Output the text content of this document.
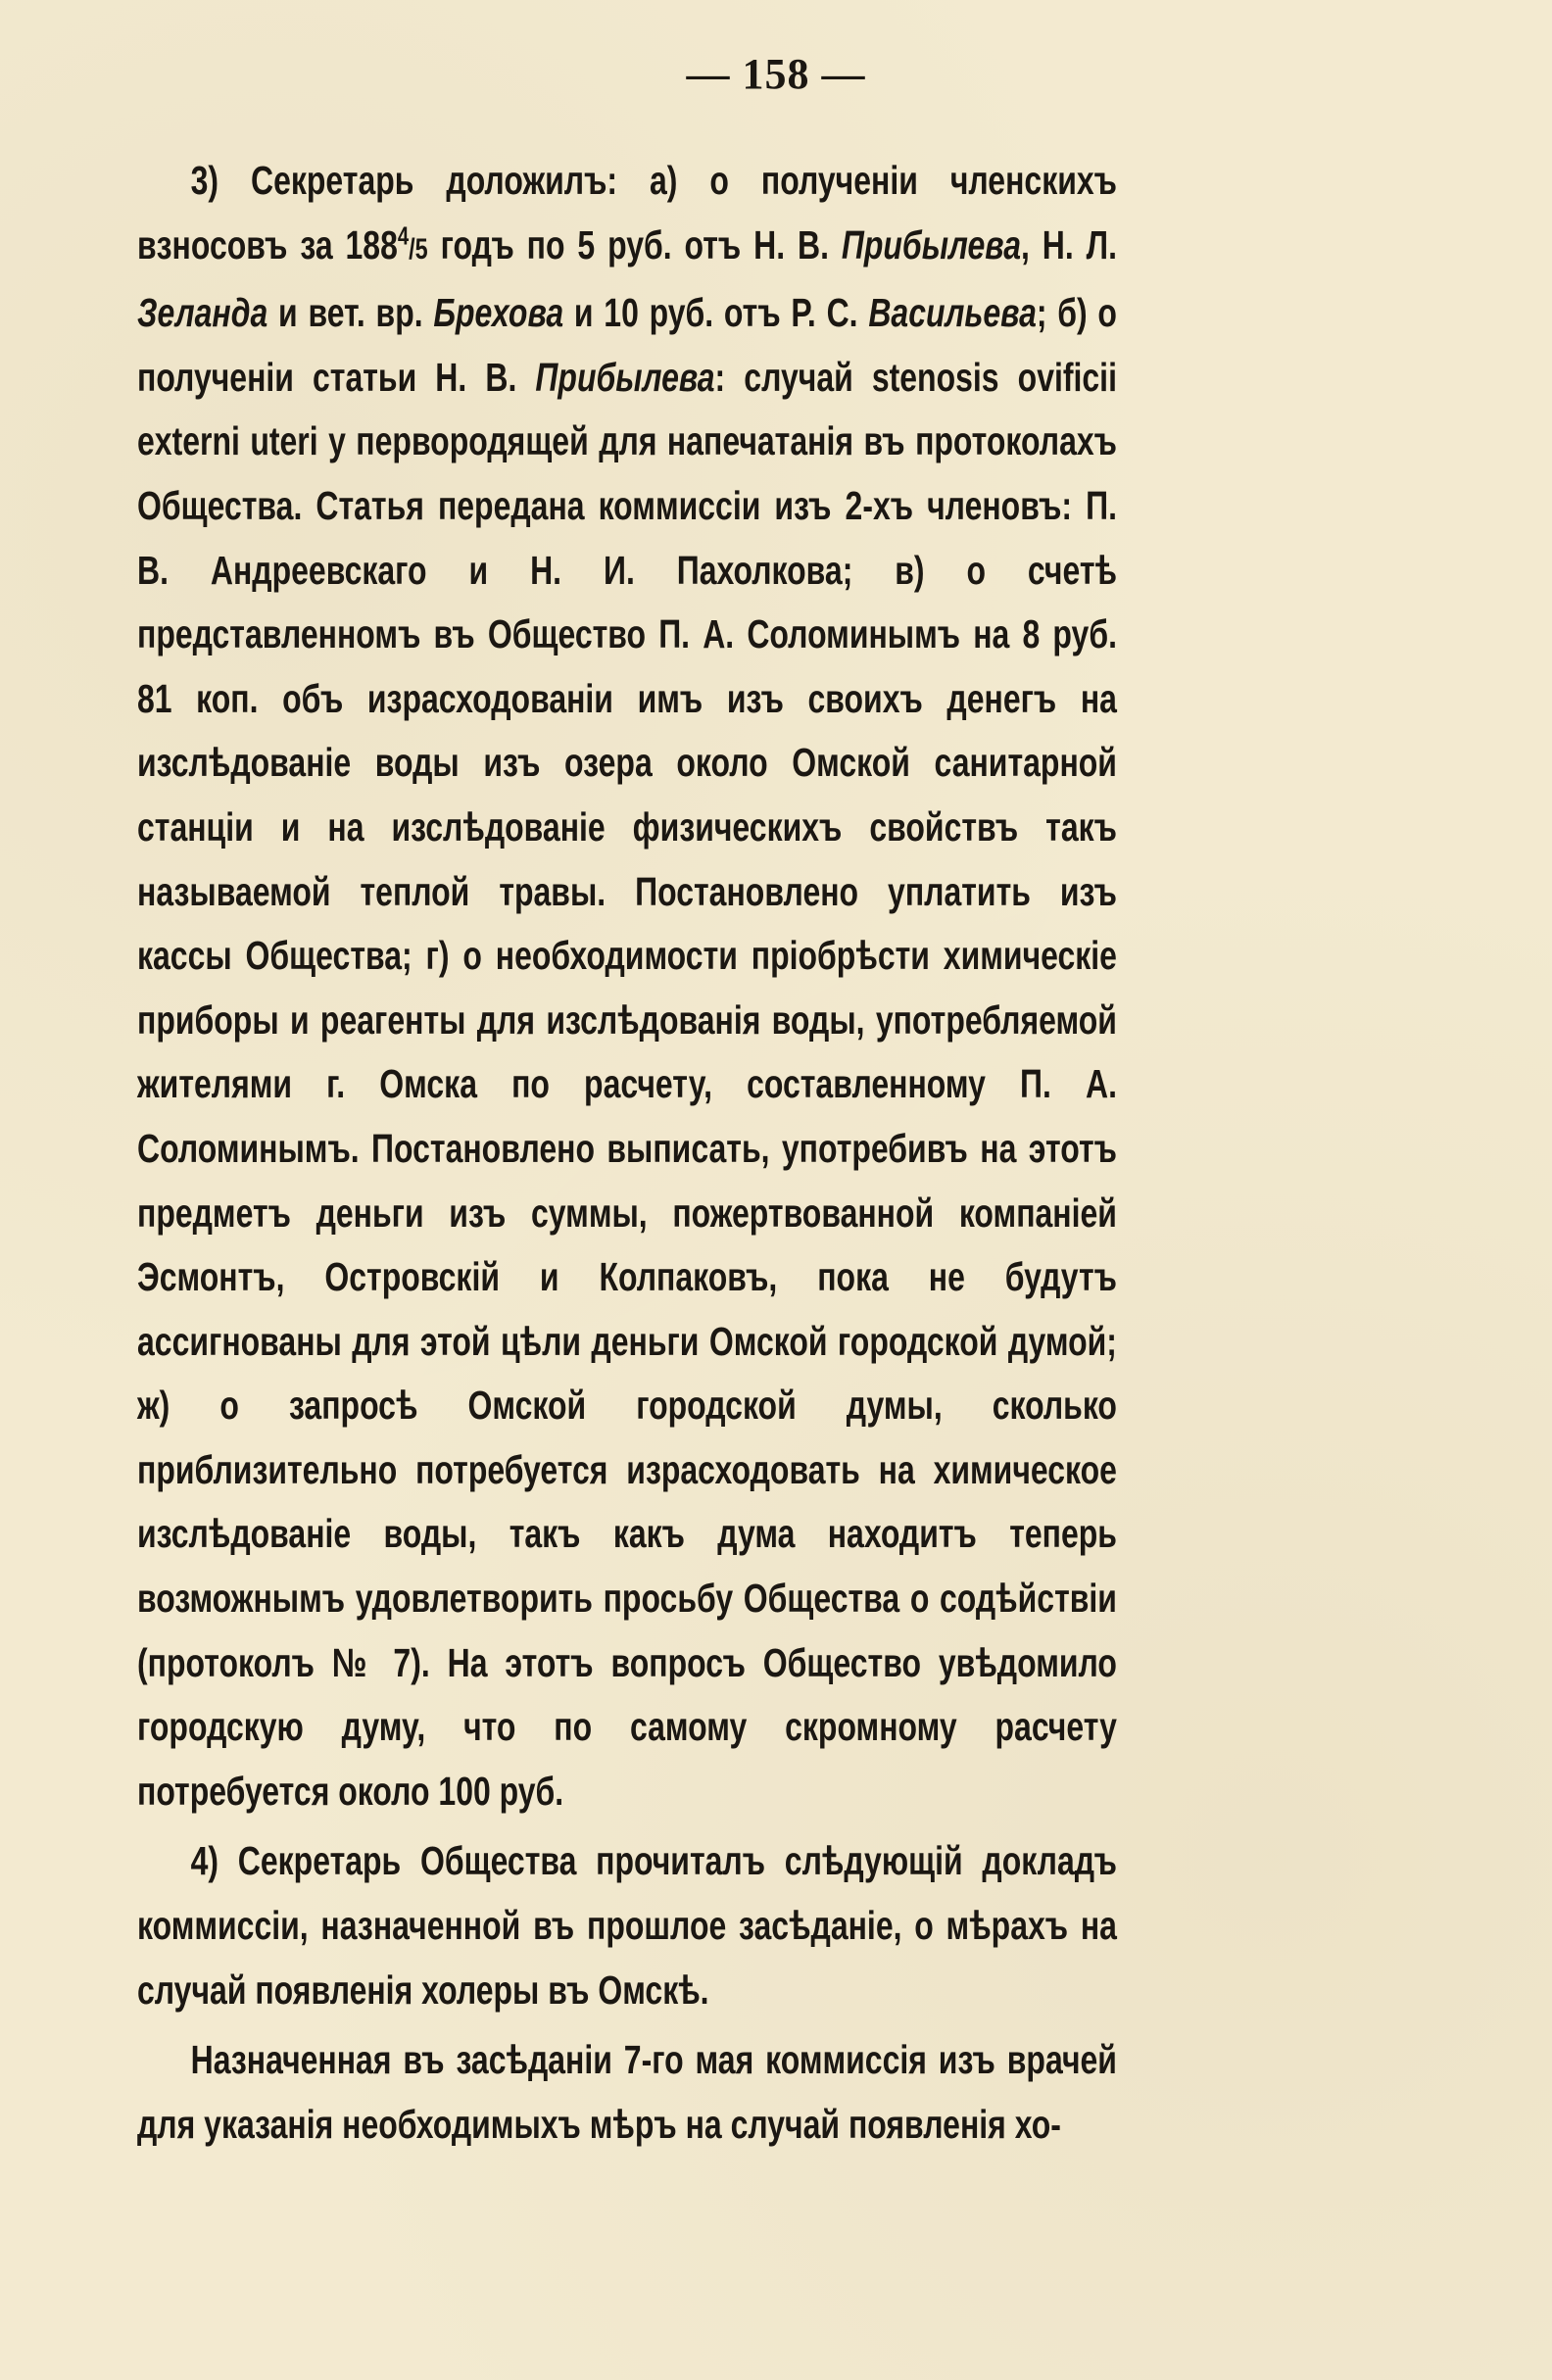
— 158 —

3) Секретарь доложилъ: а) о полученіи членскихъ взносовъ за $188^4/5$ годъ по 5 руб. отъ Н. В. Прибылева, Н. Л. Зеланда и вет. вр. Брехова и 10 руб. отъ Р. С. Васильева; б) о полученіи статьи Н. В. Прибылева: случай stenosis ovificii externi uteri у первородящей для напечатанія въ протоколахъ Общества. Статья передана коммиссіи изъ 2-хъ членовъ: П. В. Андреевскаго и Н. И. Пахолкова; в) о счетѣ представленномъ въ Общество П. А. Соломинымъ на 8 руб. 81 коп. объ израсходованіи имъ изъ своихъ денегъ на изслѣдованіе воды изъ озера около Омской санитарной станціи и на изслѣдованіе физическихъ свойствъ такъ называемой теплой травы. Постановлено уплатить изъ кассы Общества; г) о необходимости пріобрѣсти химическіе приборы и реагенты для изслѣдованія воды, употребляемой жителями г. Омска по расчету, составленному П. А. Соломинымъ. Постановлено выписать, употребивъ на этотъ предметъ деньги изъ суммы, пожертвованной компаніей Эсмонтъ, Островскій и Колпаковъ, пока не будутъ ассигнованы для этой цѣли деньги Омской городской думой; ж) о запросѣ Омской городской думы, сколько приблизительно потребуется израсходовать на химическое изслѣдованіе воды, такъ какъ дума находитъ теперь возможнымъ удовлетворить просьбу Общества о содѣйствіи (протоколъ № 7). На этотъ вопросъ Общество увѣдомило городскую думу, что по самому скромному расчету потребуется около 100 руб.

4) Секретарь Общества прочиталъ слѣдующій докладъ коммиссіи, назначенной въ прошлое засѣданіе, о мѣрахъ на случай появленія холеры въ Омскѣ.

Назначенная въ засѣданіи 7-го мая коммиссія изъ врачей для указанія необходимыхъ мѣръ на случай появленія хо-
